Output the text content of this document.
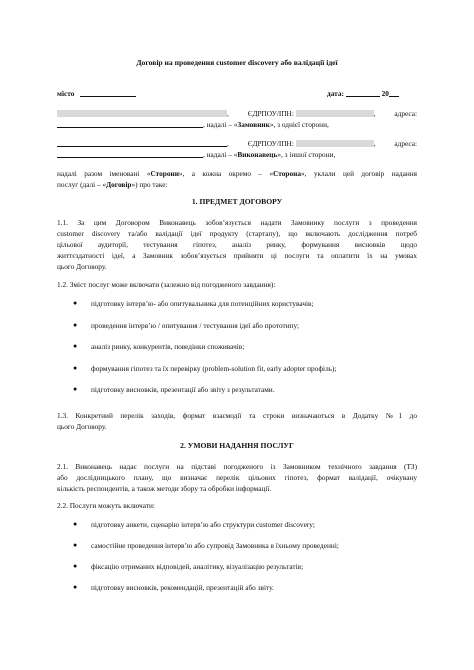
Договір на проведення customer discovery або валідації ідеї
місто	дата:	20
,	ЄДРПОУ/ІПН:	,	адреса:
, надалі – «Замовник», з однієї сторони,
,	ЄДРПОУ/ІПН:	,	адреса:
, надалі – «Виконавець», з іншої сторони,
надалі разом іменовані «Сторони», а кожна окремо – «Сторона», уклали цей договір надання
послуг (далі – «Договір») про таке:
1. ПРЕДМЕТ ДОГОВОРУ
1.1. За цим Договором Виконавець зобов’язується надати Замовнику послуги з проведення
customer discovery та/або валідації ідеї продукту (стартапу), що включають дослідження потреб
цільової аудиторії, тестування гіпотез, аналіз ринку, формування висновків щодо
життєздатності ідеї, а Замовник зобов’язується прийняти ці послуги та оплатити їх на умовах
цього Договору.
1.2. Зміст послуг може включати (залежно від погодженого завдання):
● підготовку інтерв’ю- або опитувальника для потенційних користувачів;
● проведення інтерв’ю / опитування / тестування ідеї або прототипу;
● аналіз ринку, конкурентів, поведінки споживачів;
● формування гіпотез та їх перевірку (problem-solution fit, early adopter профіль);
● підготовку висновків, презентації або звіту з результатами.
1.3. Конкретний перелік заходів, формат взаємодії та строки визначаються в Додатку №1 до
цього Договору.
2. УМОВИ НАДАННЯ ПОСЛУГ
2.1. Виконавець надає послуги на підставі погодженого із Замовником технічного завдання (ТЗ)
або дослідницького плану, що визначає перелік цільових гіпотез, формат валідації, очікувану
кількість респондентів, а також методи збору та обробки інформації.
2.2. Послуги можуть включати:
● підготовку анкети, сценарію інтерв’ю або структури customer discovery;
● самостійне проведення інтерв’ю або супровід Замовника в їхньому проведенні;
● фіксацію отриманих відповідей, аналітику, візуалізацію результатів;
● підготовку висновків, рекомендацій, презентацій або звіту.
